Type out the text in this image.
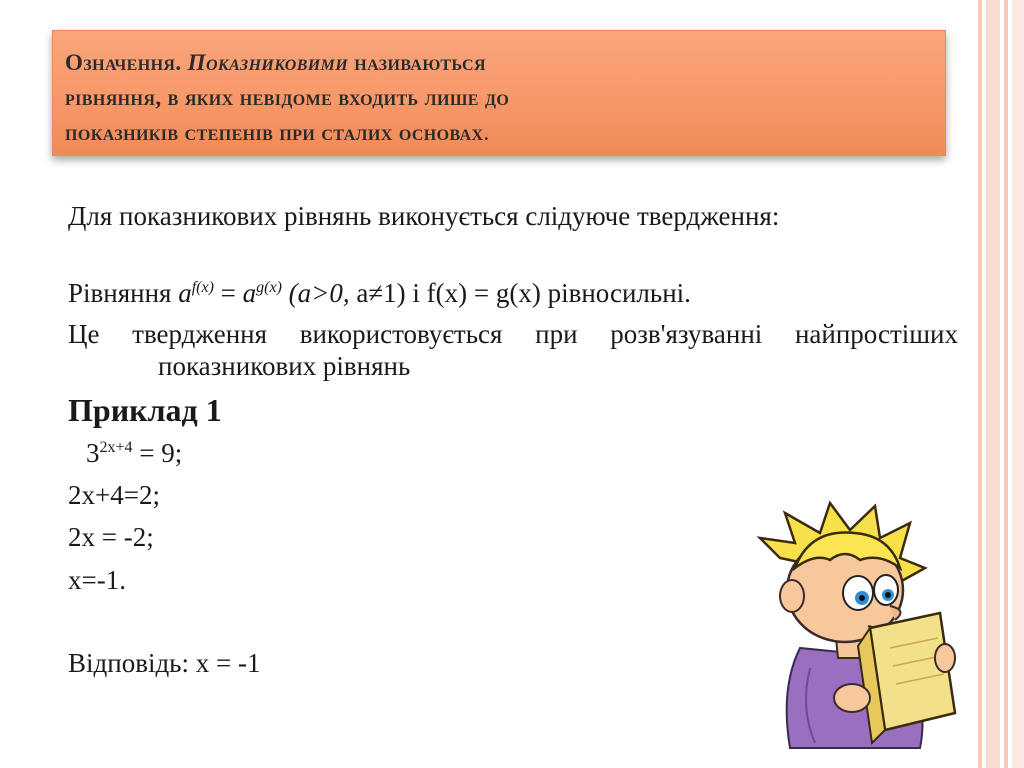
Означення. Показниковими називаються
рівняння, в яких невідоме входить лише до
показників степенів при сталих основах.

Для показникових рівнянь виконується слідуюче твердження:

Рівняння $a^{f(x)} = a^{g(x)}$ (a>0, a≠1) і f(x) = g(x) рівносильні.

Це твердження використовується при розв'язуванні найпростіших показникових рівнянь

Приклад 1
$3^{2x+4} = 9$;
2x+4=2;
2x = -2;
x=-1.
Відповідь: x = -1
